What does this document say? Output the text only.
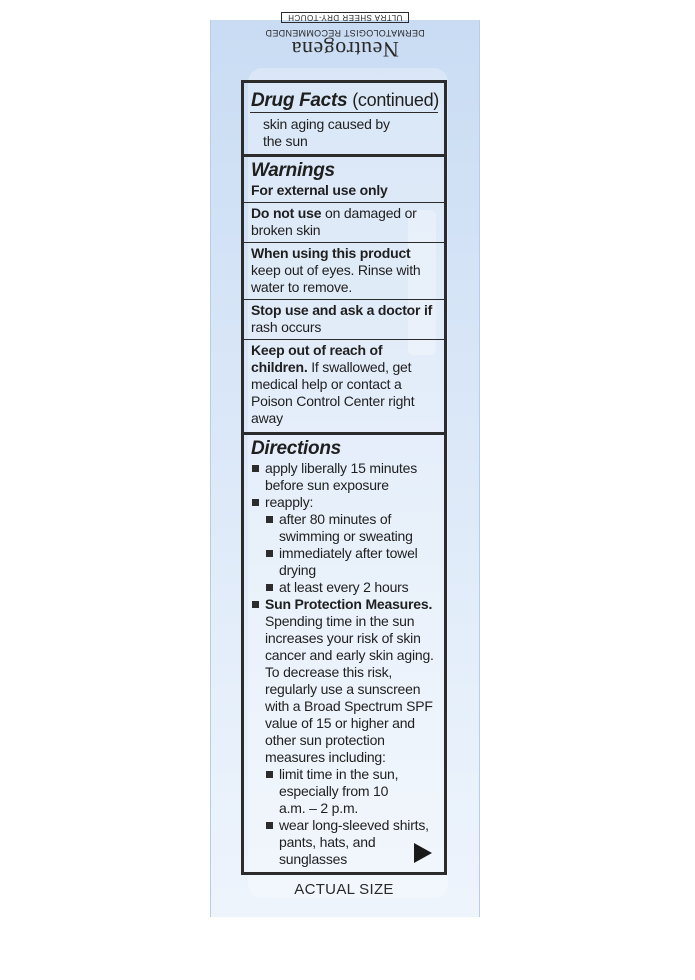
Neutrogena
DERMATOLOGIST RECOMMENDED
ULTRA SHEER DRY-TOUCH
Drug Facts (continued)
skin aging caused by the sun
Warnings
For external use only
Do not use on damaged or broken skin
When using this product
keep out of eyes. Rinse with water to remove.
Stop use and ask a doctor if
rash occurs
Keep out of reach of children. If swallowed, get medical help or contact a Poison Control Center right away
Directions
apply liberally 15 minutes before sun exposure
reapply:
after 80 minutes of swimming or sweating
immediately after towel drying
at least every 2 hours
Sun Protection Measures.
Spending time in the sun increases your risk of skin cancer and early skin aging. To decrease this risk, regularly use a sunscreen with a Broad Spectrum SPF value of 15 or higher and other sun protection measures including:
limit time in the sun, especially from 10 a.m. – 2 p.m.
wear long-sleeved shirts, pants, hats, and sunglasses
ACTUAL SIZE
